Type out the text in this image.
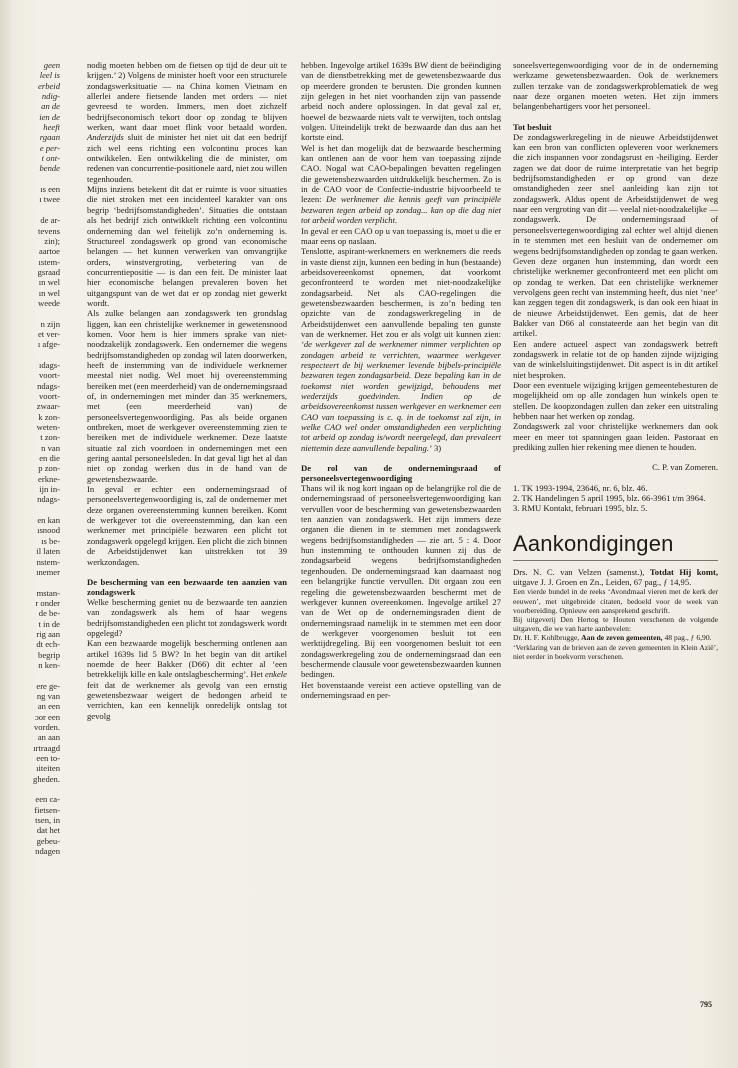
geen
leel is
erbeid
ndig-
an de
ien de
heeft
rgaan
e per-
t ont-
bende

ıs een
ı twee

de ar-
tevens
zin);
aartoe
ıstem-
gsraad
ın wel
ın wel
weede

n zijn
et ver-
ı afge-

ıdags-
voort-
ndags-
voort-
zwaar-
k zon-
weten-
t zon-
n van
en die
p zon-
erkne-
ijn in-
ndags-

en kan
ısnood
ıs be-
il laten
nstem-
ınemer

mstan-
r onder
de be-
t in de
rig aan
dt ech-
begrip
n ken-

ere ge-
ng van
an een
ɔor een
vorden.
an aan
ırtraagd
een to-
ıiteiten
gheden.

een ca-
fietsen-
tsen, in
dat het
gebeu-
ndagen

nodig moeten hebben om de fietsen op tijd de deur uit te krijgen.’ 2) Volgens de minister hoeft voor een structurele zondagswerksituatie — na China komen Vietnam en allerlei andere fietsende landen met orders — niet gevreesd te worden. Immers, men doet zichzelf bedrijfseconomisch tekort door op zondag te blijven werken, want daar moet flink voor betaald worden. Anderzijds sluit de minister het niet uit dat een bedrijf zich wel eens richting een volcontinu proces kan ontwikkelen. Een ontwikkeling die de minister, om redenen van concurrentie-positionele aard, niet zou willen tegenhouden.

Mijns inziens betekent dit dat er ruimte is voor situaties die niet stroken met een incidenteel karakter van ons begrip ‘bedrijfsomstandigheden’. Situaties die ontstaan als het bedrijf zich ontwikkelt richting een volcontinu onderneming dan wel feitelijk zo’n onderneming is. Structureel zondagswerk op grond van economische belangen — het kunnen verwerken van omvangrijke orders, winstvergroting, verbetering van de concurrentiepositie — is dan een feit. De minister laat hier economische belangen prevaleren boven het uitgangspunt van de wet dat er op zondag niet gewerkt wordt.

Als zulke belangen aan zondagswerk ten grondslag liggen, kan een christelijke werknemer in gewetensnood komen. Voor hem is hier immers sprake van niet-noodzakelijk zondagswerk. Een ondernemer die wegens bedrijfsomstandigheden op zondag wil laten doorwerken, heeft de instemming van de individuele werknemer meestal niet nodig. Wel moet hij overeenstemming bereiken met (een meerderheid) van de ondernemingsraad of, in ondernemingen met minder dan 35 werknemers, met (een meerderheid van) de personeelsvertegenwoordiging. Pas als beide organen ontbreken, moet de werkgever overeenstemming zien te bereiken met de individuele werknemer. Deze laatste situatie zal zich voordoen in ondernemingen met een gering aantal personeelsleden. In dat geval ligt het al dan niet op zondag werken dus in de hand van de gewetensbezwaarde.

In geval er echter een ondernemingsraad of personeelsvertegenwoordiging is, zal de ondernemer met deze organen overeenstemming kunnen bereiken. Komt de werkgever tot die overeenstemming, dan kan een werknemer met principiële bezwaren een plicht tot zondagswerk opgelegd krijgen. Een plicht die zich binnen de Arbeidstijdenwet kan uitstrekken tot 39 werkzondagen.

De bescherming van een bezwaarde ten aanzien van zondagswerk

Welke bescherming geniet nu de bezwaarde ten aanzien van zondagswerk als hem of haar wegens bedrijfsomstandigheden een plicht tot zondagswerk wordt opgelegd?

Kan een bezwaarde mogelijk bescherming ontlenen aan artikel 1639s lid 5 BW? In het begin van dit artikel noemde de heer Bakker (D66) dit echter al ‘een betrekkelijk kille en kale ontslagbescherming’. Het enkele feit dat de werknemer als gevolg van een ernstig gewetensbezwaar weigert de bedongen arbeid te verrichten, kan een kennelijk onredelijk ontslag tot gevolg

hebben. Ingevolge artikel 1639s BW dient de beëindiging van de dienstbetrekking met de gewetensbezwaarde dus op meerdere gronden te berusten. Die gronden kunnen zijn gelegen in het niet voorhanden zijn van passende arbeid noch andere oplossingen. In dat geval zal er, hoewel de bezwaarde niets valt te verwijten, toch ontslag volgen. Uiteindelijk trekt de bezwaarde dan dus aan het kortste eind.

Wel is het dan mogelijk dat de bezwaarde bescherming kan ontlenen aan de voor hem van toepassing zijnde CAO. Nogal wat CAO-bepalingen bevatten regelingen die gewetensbezwaarden uitdrukkelijk beschermen. Zo is in de CAO voor de Confectie-industrie bijvoorbeeld te lezen: De werknemer die kennis geeft van principiële bezwaren tegen arbeid op zondag... kan op die dag niet tot arbeid worden verplicht.

In geval er een CAO op u van toepassing is, moet u die er maar eens op naslaan.

Tenslotte, aspirant-werknemers en werknemers die reeds in vaste dienst zijn, kunnen een beding in hun (bestaande) arbeidsovereenkomst opnemen, dat voorkomt geconfronteerd te worden met niet-noodzakelijke zondagsarbeid. Net als CAO-regelingen die gewetensbezwaarden beschermen, is zo’n beding ten opzichte van de zondagswerkregeling in de Arbeidstijdenwet een aanvullende bepaling ten gunste van de werknemer. Het zou er als volgt uit kunnen zien: ‘de werkgever zal de werknemer nimmer verplichten op zondagen arbeid te verrichten, waarmee werkgever respecteert de bij werknemer levende bijbels-principiële bezwaren tegen zondagsarbeid. Deze bepaling kan in de toekomst niet worden gewijzigd, behoudens met wederzijds goedvinden. Indien op de arbeidsovereenkomst tussen werkgever en werknemer een CAO van toepassing is c. q. in de toekomst zal zijn, in welke CAO wel onder omstandigheden een verplichting tot arbeid op zondag is/wordt neergelegd, dan prevaleert niettemin deze aanvullende bepaling.’ 3)

De rol van de ondernemingsraad of personeelsvertegenwoordiging

Thans wil ik nog kort ingaan op de belangrijke rol die de ondernemingsraad of personeelsvertegenwoordiging kan vervullen voor de bescherming van gewetensbezwaarden ten aanzien van zondagswerk. Het zijn immers deze organen die dienen in te stemmen met zondagswerk wegens bedrijfsomstandigheden — zie art. 5 : 4. Door hun instemming te onthouden kunnen zij dus de zondagsarbeid wegens bedrijfsomstandigheden tegenhouden. De ondernemingsraad kan daarnaast nog een belangrijke functie vervullen. Dit orgaan zou een regeling die gewetensbezwaarden beschermt met de werkgever kunnen overeenkomen. Ingevolge artikel 27 van de Wet op de ondernemingsraden dient de ondernemingsraad namelijk in te stemmen met een door de werkgever voorgenomen besluit tot een werktijdregeling. Bij een voorgenomen besluit tot een zondagswerkregeling zou de ondernemingsraad dan een beschermende clausule voor gewetensbezwaarden kunnen bedingen.

Het bovenstaande vereist een actieve opstelling van de ondernemingsraad en per-

soneelsvertegenwoordiging voor de in de onderneming werkzame gewetensbezwaarden. Ook de werknemers zullen terzake van de zondagswerkproblematiek de weg naar deze organen moeten weten. Het zijn immers belangenbehartigers voor het personeel.

Tot besluit

De zondagswerkregeling in de nieuwe Arbeidstijdenwet kan een bron van conflicten opleveren voor werknemers die zich inspannen voor zondagsrust en -heiliging. Eerder zagen we dat door de ruime interpretatie van het begrip bedrijfsomstandigheden er op grond van deze omstandigheden zeer snel aanleiding kan zijn tot zondagswerk. Aldus opent de Arbeidstijdenwet de weg naar een vergroting van dit — veelal niet-noodzakelijke — zondagswerk. De ondernemingsraad of personeelsvertegenwoordiging zal echter wel altijd dienen in te stemmen met een besluit van de ondernemer om wegens bedrijfsomstandigheden op zondag te gaan werken.

Geven deze organen hun instemming, dan wordt een christelijke werknemer geconfronteerd met een plicht om op zondag te werken. Dat een christelijke werknemer vervolgens geen recht van instemming heeft, dus niet ‘nee’ kan zeggen tegen dit zondagswerk, is dan ook een hiaat in de nieuwe Arbeidstijdenwet. Een gemis, dat de heer Bakker van D66 al constateerde aan het begin van dit artikel.

Een andere actueel aspect van zondagswerk betreft zondagswerk in relatie tot de op handen zijnde wijziging van de winkelsluitingstijdenwet. Dit aspect is in dit artikel niet besproken.

Door een eventuele wijziging krijgen gemeentebesturen de mogelijkheid om op alle zondagen hun winkels open te stellen. De koopzondagen zullen dan zeker een uitstraling hebben naar het werken op zondag.

Zondagswerk zal voor christelijke werknemers dan ook meer en meer tot spanningen gaan leiden. Pastoraat en prediking zullen hier rekening mee dienen te houden.

C. P. van Zomeren.

1. TK 1993-1994, 23646, nr. 6, blz. 46.

2. TK Handelingen 5 april 1995, blz. 66-3961 t/m 3964.

3. RMU Kontakt, februari 1995, blz. 5.

Aankondigingen

Drs. N. C. van Velzen (samenst.), Totdat Hij komt, uitgave J. J. Groen en Zn., Leiden, 67 pag., ƒ 14,95.

Een vierde bundel in de reeks ‘Avondmaal vieren met de kerk der eeuwen’, met uitgebreide citaten, bedoeld voor de week van voorbereiding. Opnieuw een aansprekend geschrift.

Bij uitgeverij Den Hertog te Houten verschenen de volgende uitgaven, die we van harte aanbevelen:

Dr. H. F. Kohlbrugge, Aan de zeven gemeenten, 48 pag., ƒ 6,90.

‘Verklaring van de brieven aan de zeven gemeenten in Klein Azië’, niet eerder in boekvorm verschenen.

795
